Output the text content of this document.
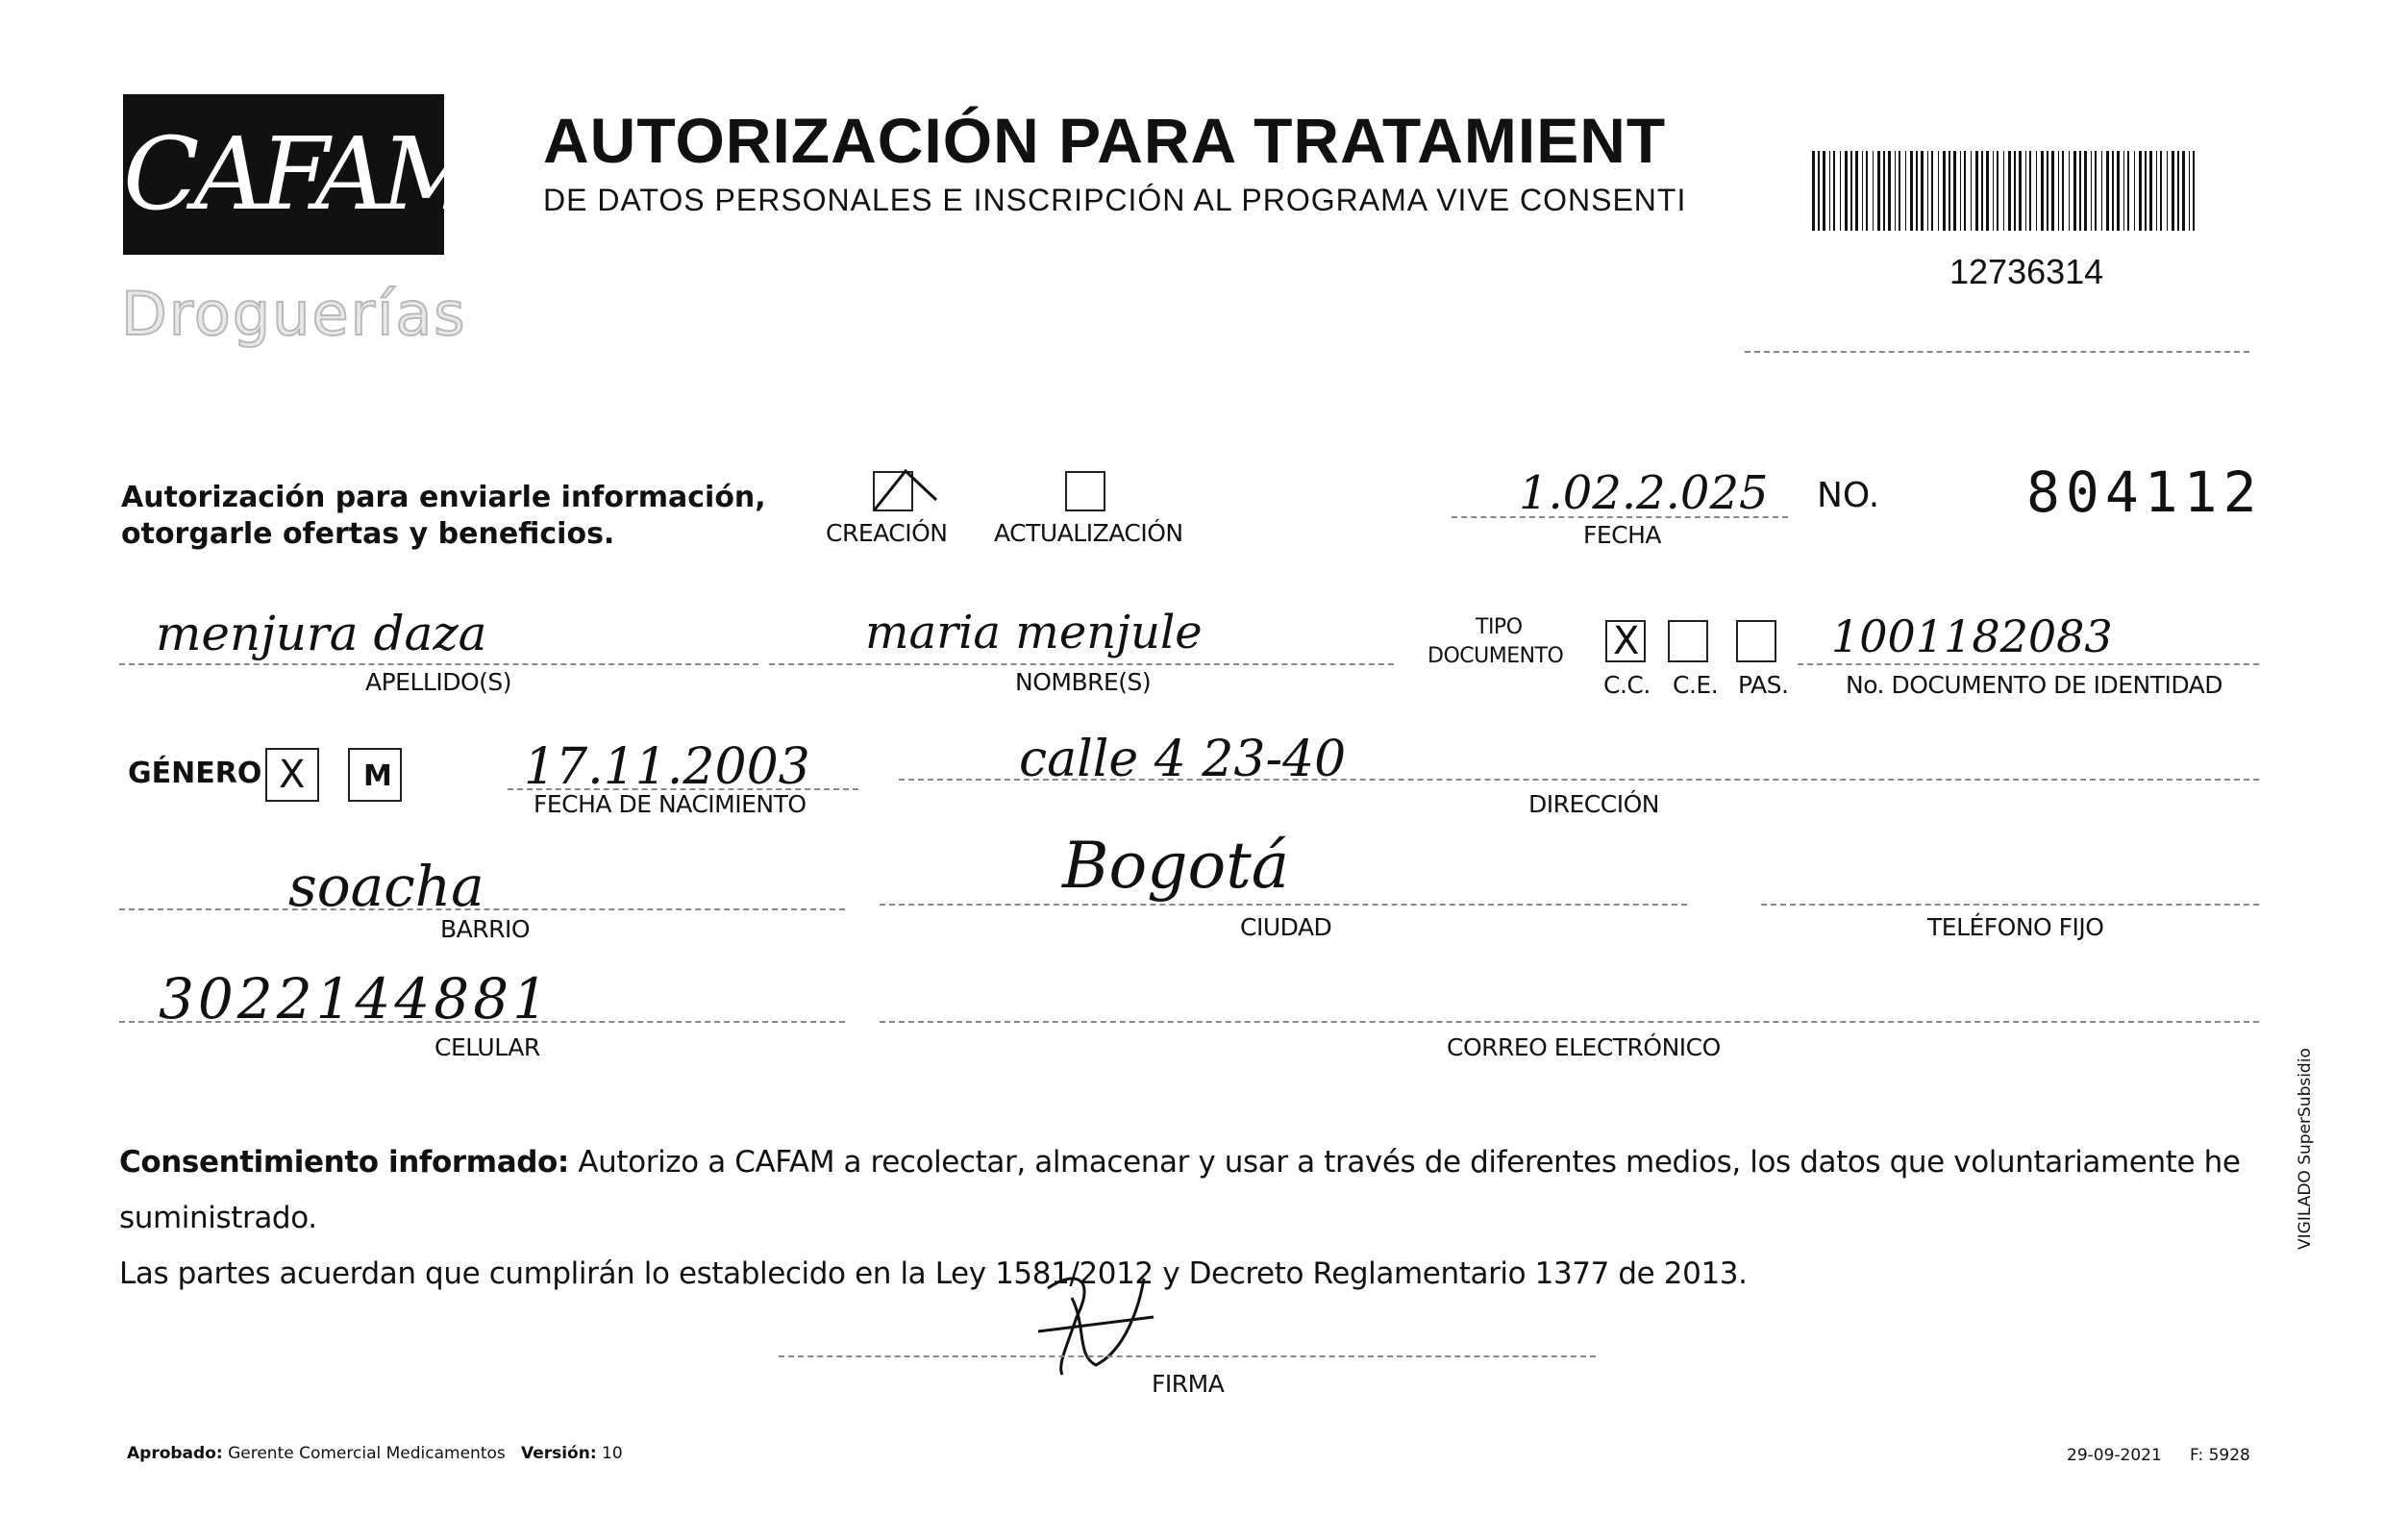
CAFAM
Droguerías
AUTORIZACIÓN PARA TRATAMIENT
DE DATOS PERSONALES E INSCRIPCIÓN AL PROGRAMA VIVE CONSENTI
12736314
Autorización para enviarle información,
otorgarle ofertas y beneficios.	CREACIÓN ACTUALIZACIÓN
1.02.2.025
FECHA
NO.	804112
menjura daza
APELLIDO(S)
maria menjule
NOMBRE(S)
TIPO
DOCUMENTO X
C.C. C.E. PAS.
1001182083
No. DOCUMENTO DE IDENTIDAD
GÉNERO X M	17.11.2003
FECHA DE NACIMIENTO
calle 4 23-40
DIRECCIÓN
soacha
BARRIO
Bogotá
CIUDAD	TELÉFONO FIJO
3022144881
CELULAR	CORREO ELECTRÓNICO
Consentimiento informado: Autorizo a CAFAM a recolectar, almacenar y usar a través de diferentes medios, los datos que voluntariamente he suministrado.
Las partes acuerdan que cumplirán lo establecido en la Ley 1581/2012 y Decreto Reglamentario 1377 de 2013.
FIRMA
Aprobado: Gerente Comercial Medicamentos Versión: 10	29-09-2021 F: 5928
VIGILADO SuperSubsidio
